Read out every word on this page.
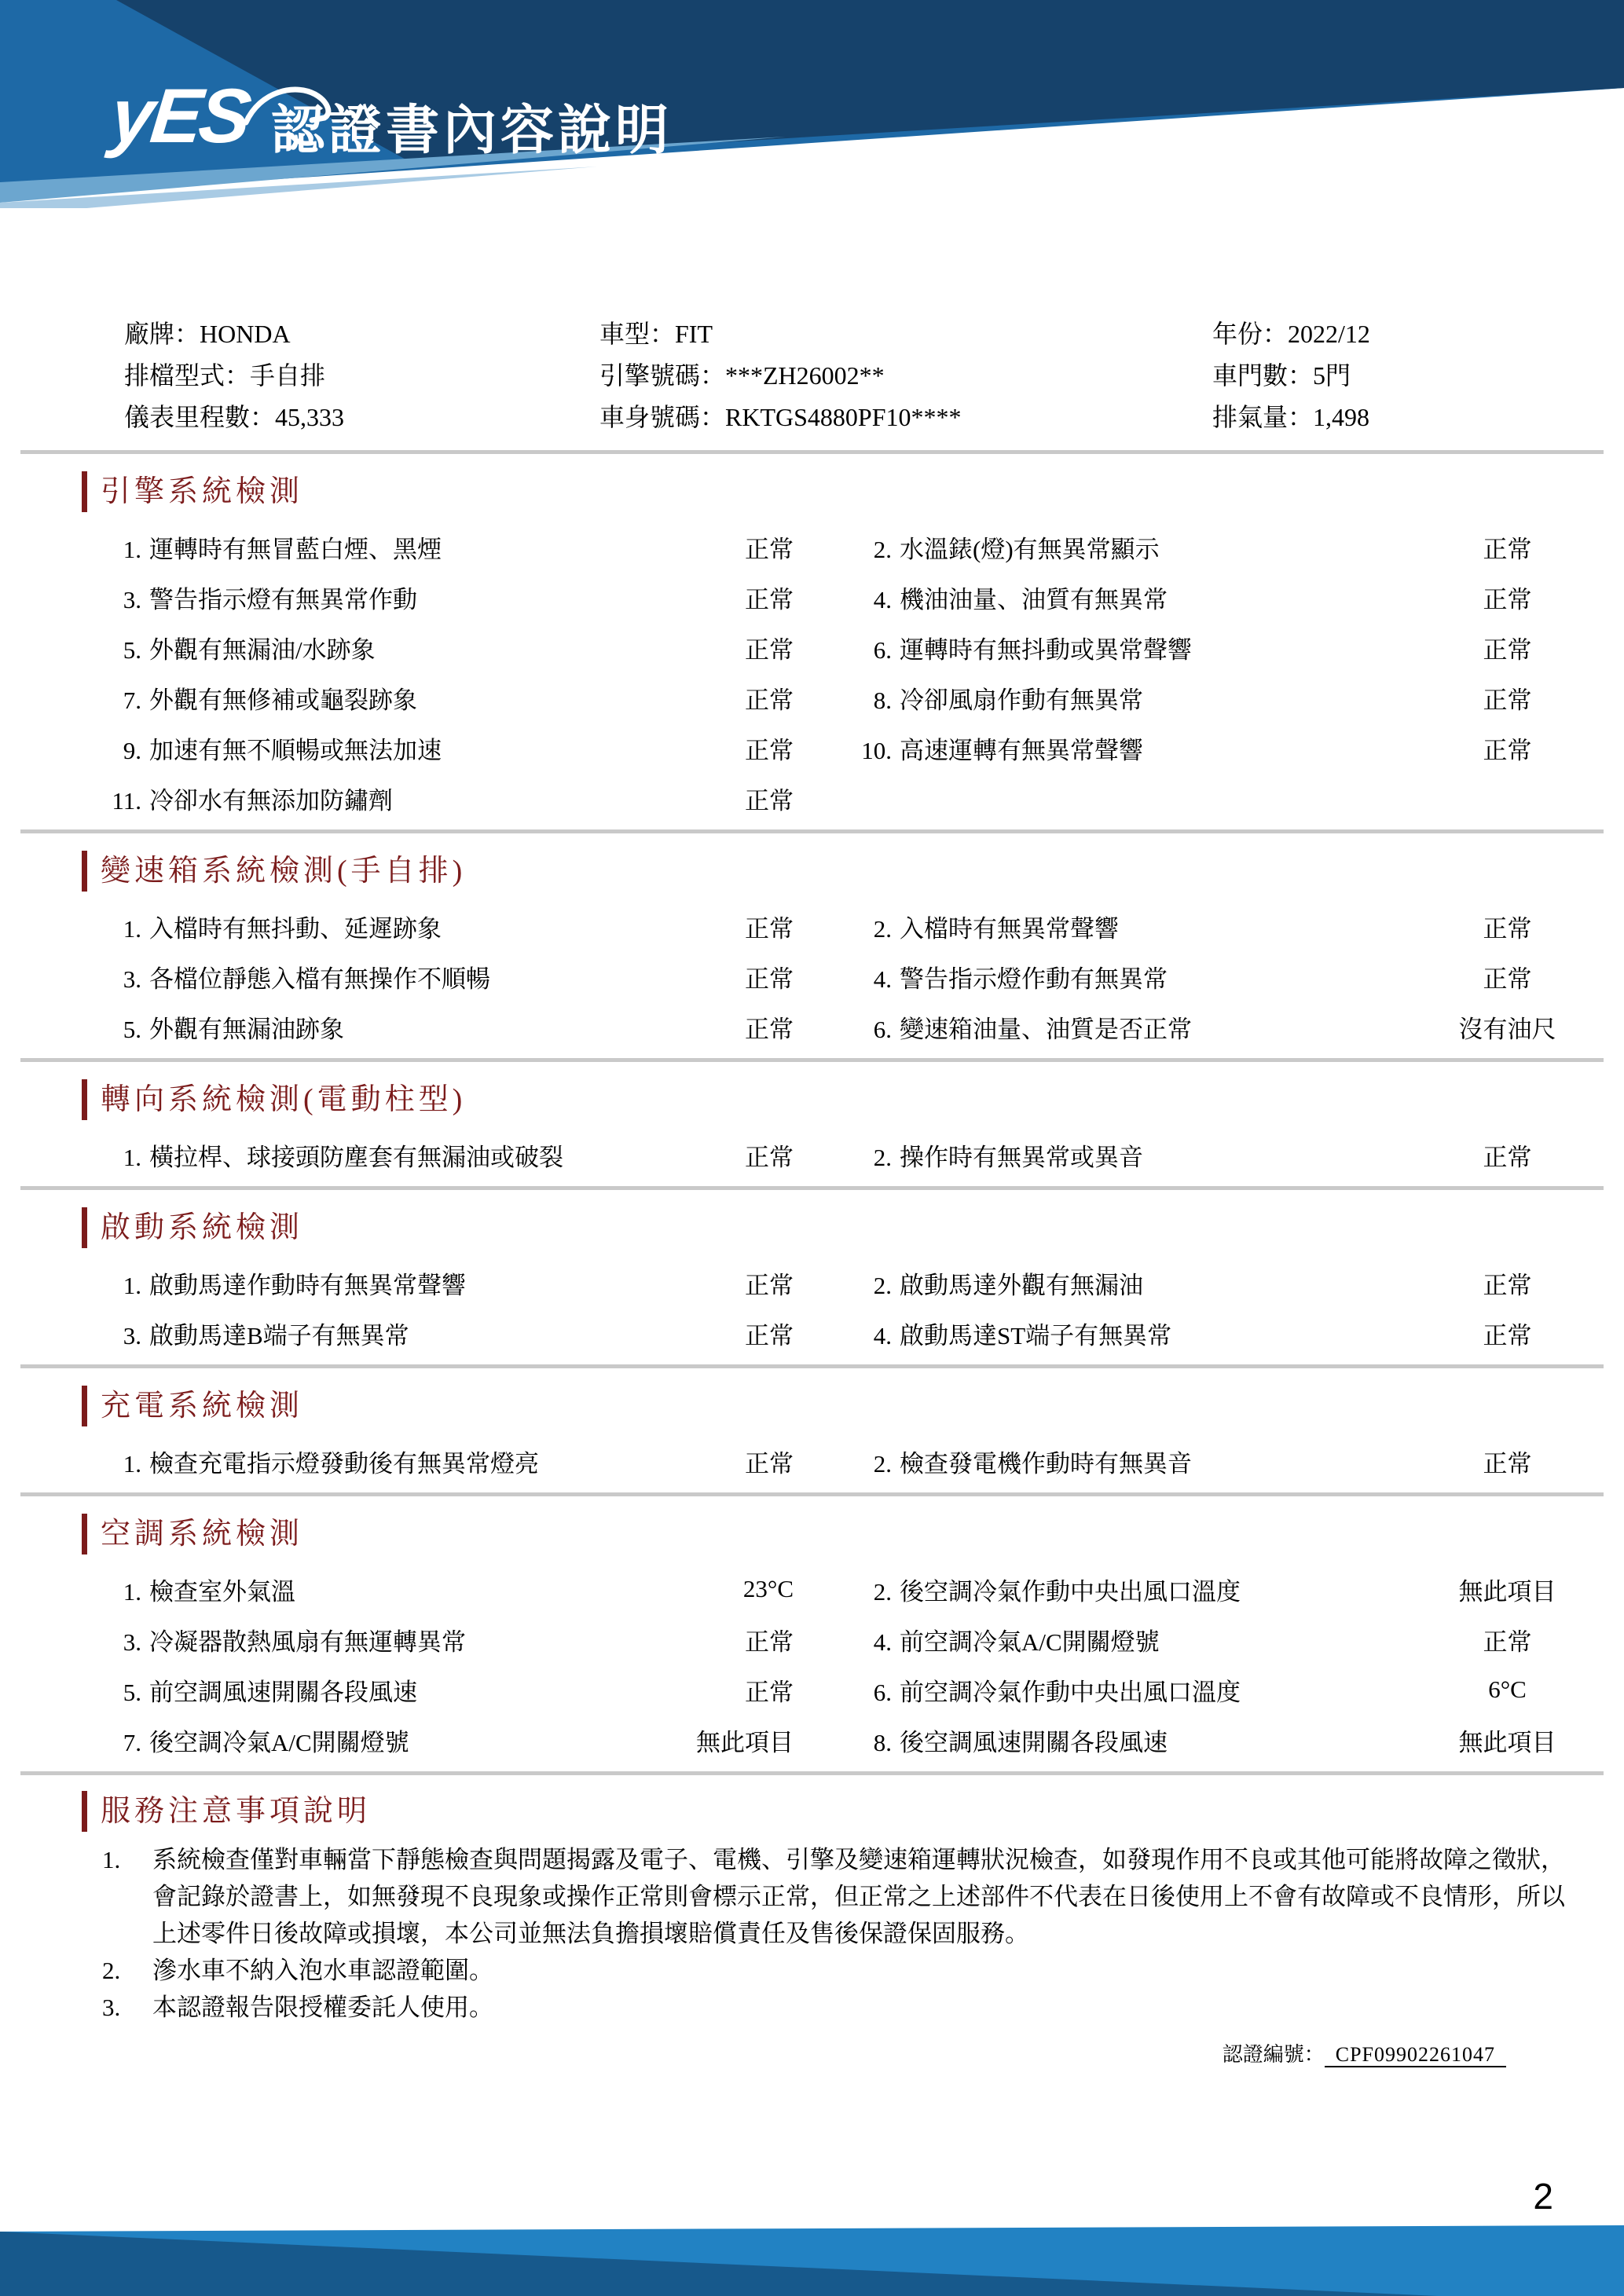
yES 認證書內容說明
廠牌：HONDA	車型：FIT	年份：2022/12
排檔型式：手自排	引擎號碼：***ZH26002**	車門數：5門
儀表里程數：45,333	車身號碼：RKTGS4880PF10****	排氣量：1,498
引擎系統檢測
1. 運轉時有無冒藍白煙、黑煙	正常	2. 水溫錶(燈)有無異常顯示	正常
3. 警告指示燈有無異常作動	正常	4. 機油油量、油質有無異常	正常
5. 外觀有無漏油/水跡象	正常	6. 運轉時有無抖動或異常聲響	正常
7. 外觀有無修補或龜裂跡象	正常	8. 冷卻風扇作動有無異常	正常
9. 加速有無不順暢或無法加速	正常	10. 高速運轉有無異常聲響	正常
11. 冷卻水有無添加防鏽劑	正常
變速箱系統檢測(手自排)
1. 入檔時有無抖動、延遲跡象	正常	2. 入檔時有無異常聲響	正常
3. 各檔位靜態入檔有無操作不順暢	正常	4. 警告指示燈作動有無異常	正常
5. 外觀有無漏油跡象	正常	6. 變速箱油量、油質是否正常	沒有油尺
轉向系統檢測(電動柱型)
1. 橫拉桿、球接頭防塵套有無漏油或破裂	正常	2. 操作時有無異常或異音	正常
啟動系統檢測
1. 啟動馬達作動時有無異常聲響	正常	2. 啟動馬達外觀有無漏油	正常
3. 啟動馬達B端子有無異常	正常	4. 啟動馬達ST端子有無異常	正常
充電系統檢測
1. 檢查充電指示燈發動後有無異常燈亮	正常	2. 檢查發電機作動時有無異音	正常
空調系統檢測
1. 檢查室外氣溫	23°C	2. 後空調冷氣作動中央出風口溫度	無此項目
3. 冷凝器散熱風扇有無運轉異常	正常	4. 前空調冷氣A/C開關燈號	正常
5. 前空調風速開關各段風速	正常	6. 前空調冷氣作動中央出風口溫度	6°C
7. 後空調冷氣A/C開關燈號	無此項目	8. 後空調風速開關各段風速	無此項目
服務注意事項說明
1.	系統檢查僅對車輛當下靜態檢查與問題揭露及電子、電機、引擎及變速箱運轉狀況檢查，如發現作用不良或其他可能將故障之徵狀，會記錄於證書上，如無發現不良現象或操作正常則會標示正常，但正常之上述部件不代表在日後使用上不會有故障或不良情形，所以上述零件日後故障或損壞，本公司並無法負擔損壞賠償責任及售後保證保固服務。
2.	滲水車不納入泡水車認證範圍。
3.	本認證報告限授權委託人使用。
認證編號： CPF09902261047
2
